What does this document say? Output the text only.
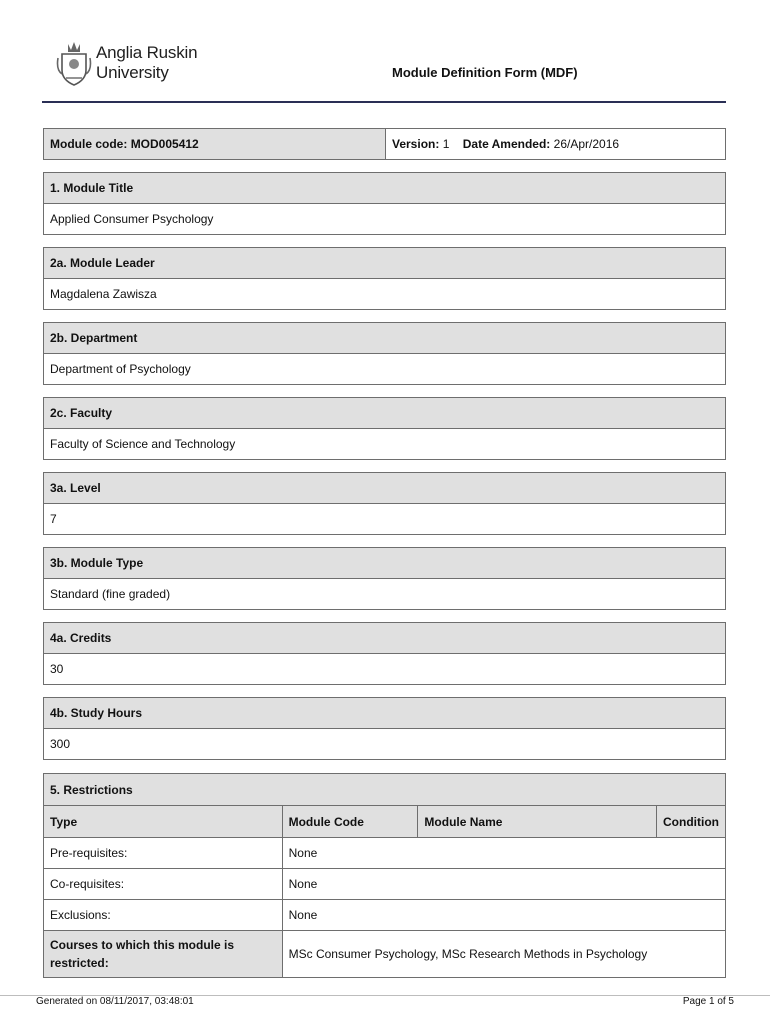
Anglia Ruskin
University	Module Definition Form (MDF)
Module code: MOD005412	Version: 1 Date Amended: 26/Apr/2016
1. Module Title
Applied Consumer Psychology
2a. Module Leader
Magdalena Zawisza
2b. Department
Department of Psychology
2c. Faculty
Faculty of Science and Technology
3a. Level
7
3b. Module Type
Standard (fine graded)
4a. Credits
30
4b. Study Hours
300
5. Restrictions			
Type	Module Code	Module Name	Condition
Pre-requisites:	None		
Co-requisites:	None		
Exclusions:	None		
Courses to which this module is restricted:	MSc Consumer Psychology, MSc Research Methods in Psychology		
Generated on 08/11/2017, 03:48:01	Page 1 of 5
